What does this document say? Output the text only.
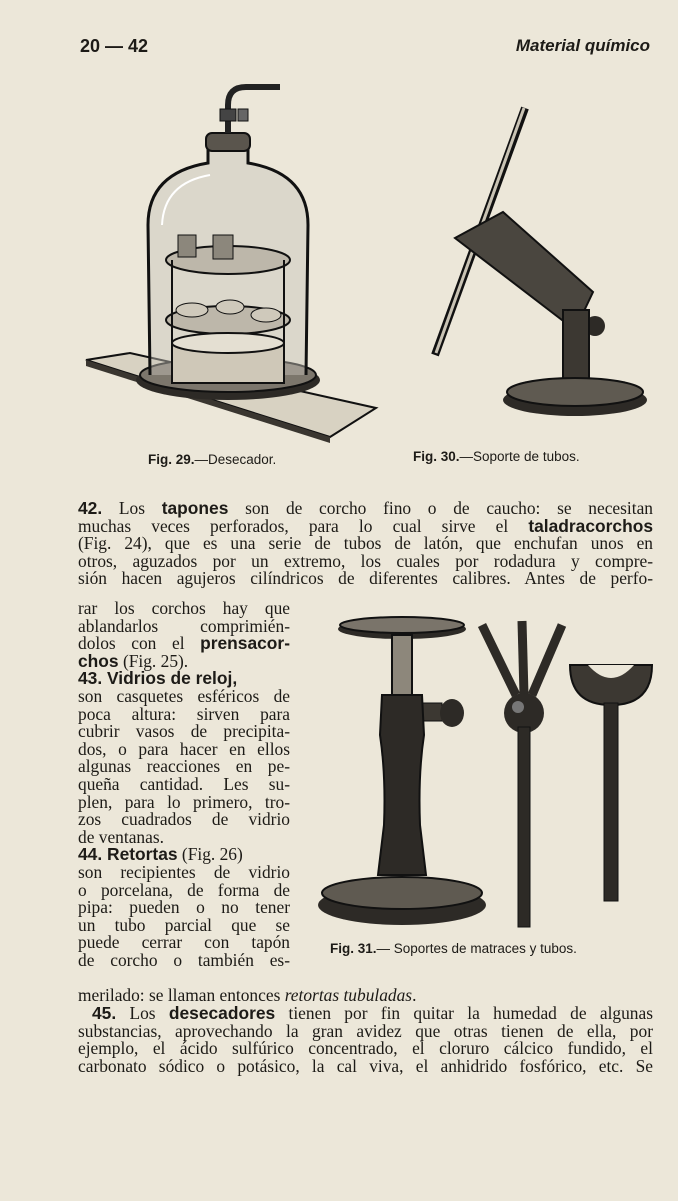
20 — 42	Material químico
Fig. 29.—Desecador.	Fig. 30.—Soporte de tubos.
42. Los tapones son de corcho fino o de caucho: se necesitan
muchas veces perforados, para lo cual sirve el taladracorchos
(Fig. 24), que es una serie de tubos de latón, que enchufan unos en
otros, aguzados por un extremo, los cuales por rodadura y compre-
sión hacen agujeros cilíndricos de diferentes calibres. Antes de perfo-
rar los corchos hay que
ablandarlos comprimién-
dolos con el prensacor-
chos (Fig. 25).
43. Vidrios de reloj,
son casquetes esféricos de
poca altura: sirven para
cubrir vasos de precipita-
dos, o para hacer en ellos
algunas reacciones en pe-
queña cantidad. Les su-
plen, para lo primero, tro-
zos cuadrados de vidrio
de ventanas.
44. Retortas (Fig. 26)
son recipientes de vidrio
o porcelana, de forma de
pipa: pueden o no tener
un tubo parcial que se
puede cerrar con tapón
de corcho o también es-
Fig. 31.— Soportes de matraces y tubos.
merilado: se llaman entonces retortas tubuladas.
45. Los desecadores tienen por fin quitar la humedad de algunas
substancias, aprovechando la gran avidez que otras tienen de ella, por
ejemplo, el ácido sulfúrico concentrado, el cloruro cálcico fundido, el
carbonato sódico o potásico, la cal viva, el anhidrido fosfórico, etc. Se
